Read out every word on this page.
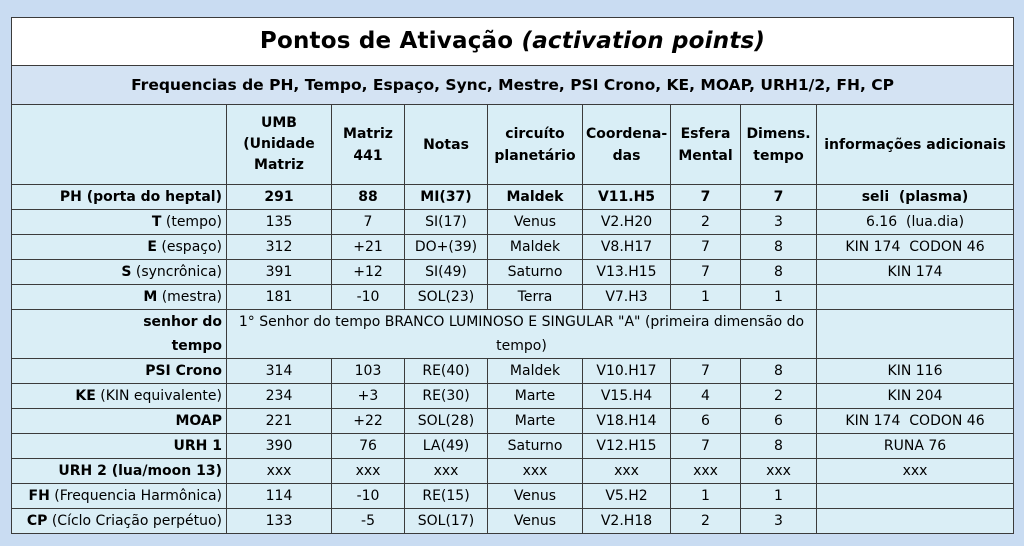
Pontos de Ativação (activation points)								
Frequencias de PH, Tempo, Espaço, Sync, Mestre, PSI Crono, KE, MOAP, URH1/2, FH, CP								
	UMB (Unidade Matriz	Matriz 441	Notas	circuíto planetário	Coordena-das	Esfera Mental	Dimens. tempo	informações adicionais
PH (porta do heptal)	291	88	MI(37)	Maldek	V11.H5	7	7	seli  (plasma)
T (tempo)	135	7	SI(17)	Venus	V2.H20	2	3	6.16  (lua.dia)
E (espaço)	312	+21	DO+(39)	Maldek	V8.H17	7	8	KIN 174  CODON 46
S (syncrônica)	391	+12	SI(49)	Saturno	V13.H15	7	8	KIN 174
M (mestra)	181	-10	SOL(23)	Terra	V7.H3	1	1	
senhor do	1° Senhor do tempo BRANCO LUMINOSO E SINGULAR "A" (primeira dimensão do tempo)							
tempo								
PSI Crono	314	103	RE(40)	Maldek	V10.H17	7	8	KIN 116
KE (KIN equivalente)	234	+3	RE(30)	Marte	V15.H4	4	2	KIN 204
MOAP	221	+22	SOL(28)	Marte	V18.H14	6	6	KIN 174  CODON 46
URH 1	390	76	LA(49)	Saturno	V12.H15	7	8	RUNA 76
URH 2 (lua/moon 13)	xxx	xxx	xxx	xxx	xxx	xxx	xxx	xxx
FH (Frequencia Harmônica)	114	-10	RE(15)	Venus	V5.H2	1	1	
CP (Cíclo Criação perpétuo)	133	-5	SOL(17)	Venus	V2.H18	2	3	
